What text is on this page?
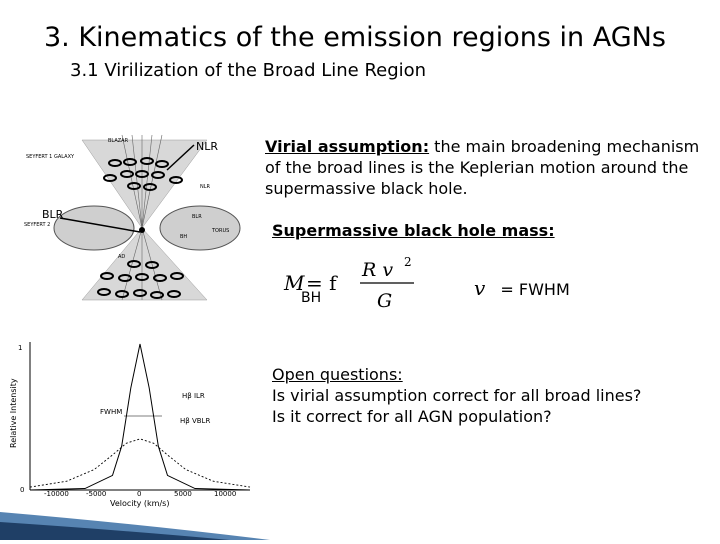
3. Kinematics of the emission regions in AGNs
3.1 Virilization of the Broad Line Region
BLAZAR
SEYFERT 1 GALAXY
SEYFERT 2
NLR
BLR
TORUS
BH
AD
NLR
BLR
Virial assumption: the main broadening mechanism of the broad lines is the Keplerian motion around the supermassive black hole.
Supermassive black hole mass:
M = f
R v 2
G
BH	v = FWHM
Open questions:
Is virial assumption correct for all broad lines?
Is it correct for all AGN population?
1
0	-10000 -5000	0	5000	10000
Velocity (km/s)
Relative Intensity	Hβ ILR
FWHM
Hβ VBLR
